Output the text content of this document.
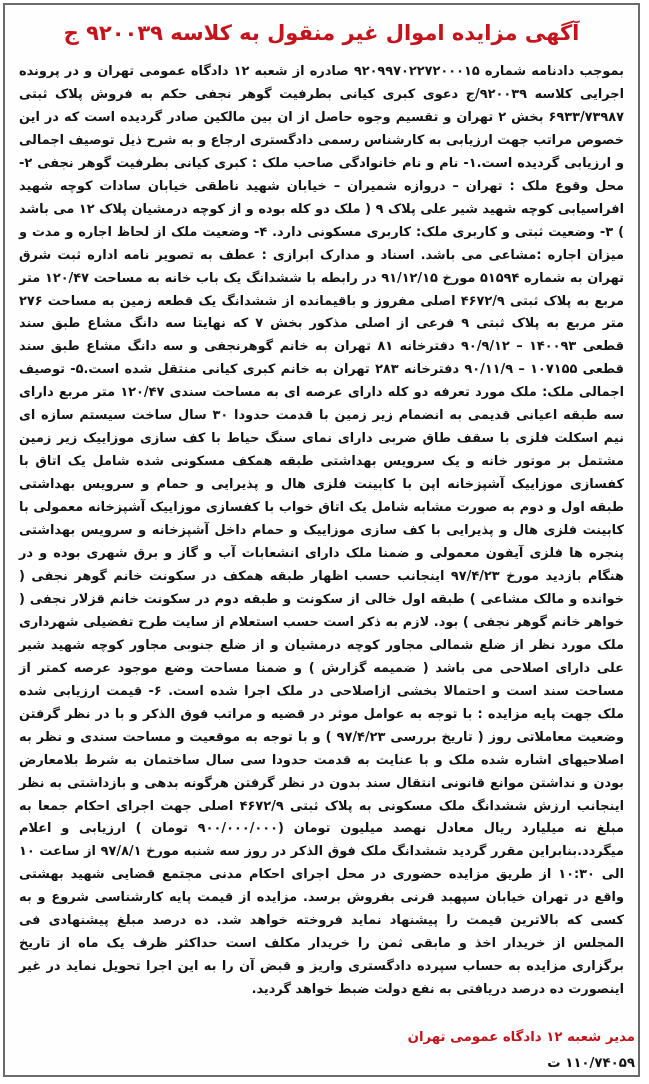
آگهی مزایده اموال غیر منقول به کلاسه ۹۲۰۰۳۹ ج

بموجب دادنامه شماره ۹۲۰۹۹۷۰۲۲۷۲۰۰۰۱۵ صادره از شعبه ۱۲ دادگاه عمومی تهران و در پرونده اجرایی کلاسه ۹۲۰۰۳۹/ج دعوی کبری کیانی بطرفیت گوهر نجفی حکم به فروش پلاک ثبتی ۶۹۳۳/۷۳۹۸۷ بخش ۲ تهران و تقسیم وجوه حاصل از ان بین مالکین صادر گردیده است که در این خصوص مراتب جهت ارزیابی به کارشناس رسمی دادگستری ارجاع و به شرح ذیل توصیف اجمالی و ارزیابی گردیده است.۱- نام و نام خانوادگی صاحب ملک : کبری کیانی بطرفیت گوهر نجفی ۲- محل وقوع ملک : تهران – دروازه شمیران – خیابان شهید ناطقی خیابان سادات کوچه شهید افراسیابی کوچه شهید شیر علی پلاک ۹ ( ملک دو کله بوده و از کوچه درمشیان پلاک ۱۲ می باشد ) ۳- وضعیت ثبتی و کاربری ملک: کاربری مسکونی دارد. ۴- وضعیت ملک از لحاظ اجاره و مدت و میزان اجاره :مشاعی می باشد. اسناد و مدارک ابرازی : عطف به تصویر نامه اداره ثبت شرق تهران به شماره ۵۱۵۹۴ مورخ ۹۱/۱۲/۱۵ در رابطه با ششدانگ یک باب خانه به مساحت ۱۲۰/۴۷ متر مربع به پلاک ثبتی ۴۶۷۲/۹ اصلی مفروز و باقیمانده از ششدانگ یک قطعه زمین به مساحت ۲۷۶ متر مربع به پلاک ثبتی ۹ فرعی از اصلی مذکور بخش ۷ که نهایتا سه دانگ مشاع طبق سند قطعی ۱۴۰۰۹۳ – ۹۰/۹/۱۲ دفترخانه ۸۱ تهران به خانم گوهرنجفی و سه دانگ مشاع طبق سند قطعی ۱۰۷۱۵۵ – ۹۰/۱۱/۹ دفترخانه ۲۸۳ تهران به خانم کبری کیانی منتقل شده است.۵- توصیف اجمالی ملک: ملک مورد تعرفه دو کله دارای عرصه ای به مساحت سندی ۱۲۰/۴۷ متر مربع دارای سه طبقه اعیانی قدیمی به انضمام زیر زمین با قدمت حدودا ۳۰ سال ساخت سیستم سازه ای نیم اسکلت فلزی با سقف طاق ضربی دارای نمای سنگ حیاط با کف سازی موزاییک زیر زمین مشتمل بر موتور خانه و یک سرویس بهداشتی طبقه همکف مسکونی شده شامل یک اتاق با کفسازی موزاییک آشپزخانه اپن با کابینت فلزی هال و پذیرایی و حمام و سرویس بهداشتی طبقه اول و دوم به صورت مشابه شامل یک اتاق خواب با کفسازی موزاییک آشپزخانه معمولی با کابینت فلزی هال و پذیرایی با کف سازی موزاییک و حمام داخل آشپزخانه و سرویس بهداشتی پنجره ها فلزی آیفون معمولی و ضمنا ملک دارای انشعابات آب و گاز و برق شهری بوده و در هنگام بازدید مورخ ۹۷/۴/۲۳ اینجانب حسب اظهار طبقه همکف در سکونت خانم گوهر نجفی ( خوانده و مالک مشاعی ) طبقه اول خالی از سکونت و طبقه دوم در سکونت خانم قزلار نجفی ( خواهر خانم گوهر نجفی ) بود. لازم به ذکر است حسب استعلام از سایت طرح تفضیلی شهرداری ملک مورد نظر از ضلع شمالی مجاور کوچه درمشیان و از ضلع جنوبی مجاور کوچه شهید شیر علی دارای اصلاحی می باشد ( ضمیمه گزارش ) و ضمنا مساحت وضع موجود عرصه کمتر از مساحت سند است و احتمالا بخشی ازاصلاحی در ملک اجرا شده است. ۶- قیمت ارزیابی شده ملک جهت پایه مزایده : با توجه به عوامل موثر در قضیه و مراتب فوق الذکر و با در نظر گرفتن وضعیت معاملاتی روز ( تاریخ بررسی ۹۷/۴/۲۳ ) و با توجه به موقعیت و مساحت سندی و نظر به اصلاحیهای اشاره شده ملک و با عنایت به قدمت حدودا سی سال ساختمان به شرط بلامعارض بودن و نداشتن موانع قانونی انتقال سند بدون در نظر گرفتن هرگونه بدهی و بازداشتی به نظر اینجانب ارزش ششدانگ ملک مسکونی به پلاک ثبتی ۴۶۷۲/۹ اصلی جهت اجرای احکام جمعا به مبلغ نه میلیارد ریال معادل نهصد میلیون تومان (۹۰۰/۰۰۰/۰۰۰ تومان ) ارزیابی و اعلام میگردد.بنابراین مقرر گردید ششدانگ ملک فوق الذکر در روز سه شنبه مورخ ۹۷/۸/۱ از ساعت ۱۰ الی ۱۰:۳۰ از طریق مزایده حضوری در محل اجرای احکام مدنی مجتمع قضایی شهید بهشتی واقع در تهران خیابان سپهبد قرنی بفروش برسد. مزایده از قیمت پایه کارشناسی شروع و به کسی که بالاترین قیمت را پیشنهاد نماید فروخته خواهد شد. ده درصد مبلغ پیشنهادی فی المجلس از خریدار اخذ و مابقی ثمن را خریدار مکلف است حداکثر ظرف یک ماه از تاریخ برگزاری مزایده به حساب سپرده دادگستری واریز و قبض آن را به این اجرا تحویل نماید در غیر اینصورت ده درصد دریافتی به نفع دولت ضبط خواهد گردید.

مدیر شعبه ۱۲ دادگاه عمومی تهران
۱۱۰/۷۴۰۵۹ ت
